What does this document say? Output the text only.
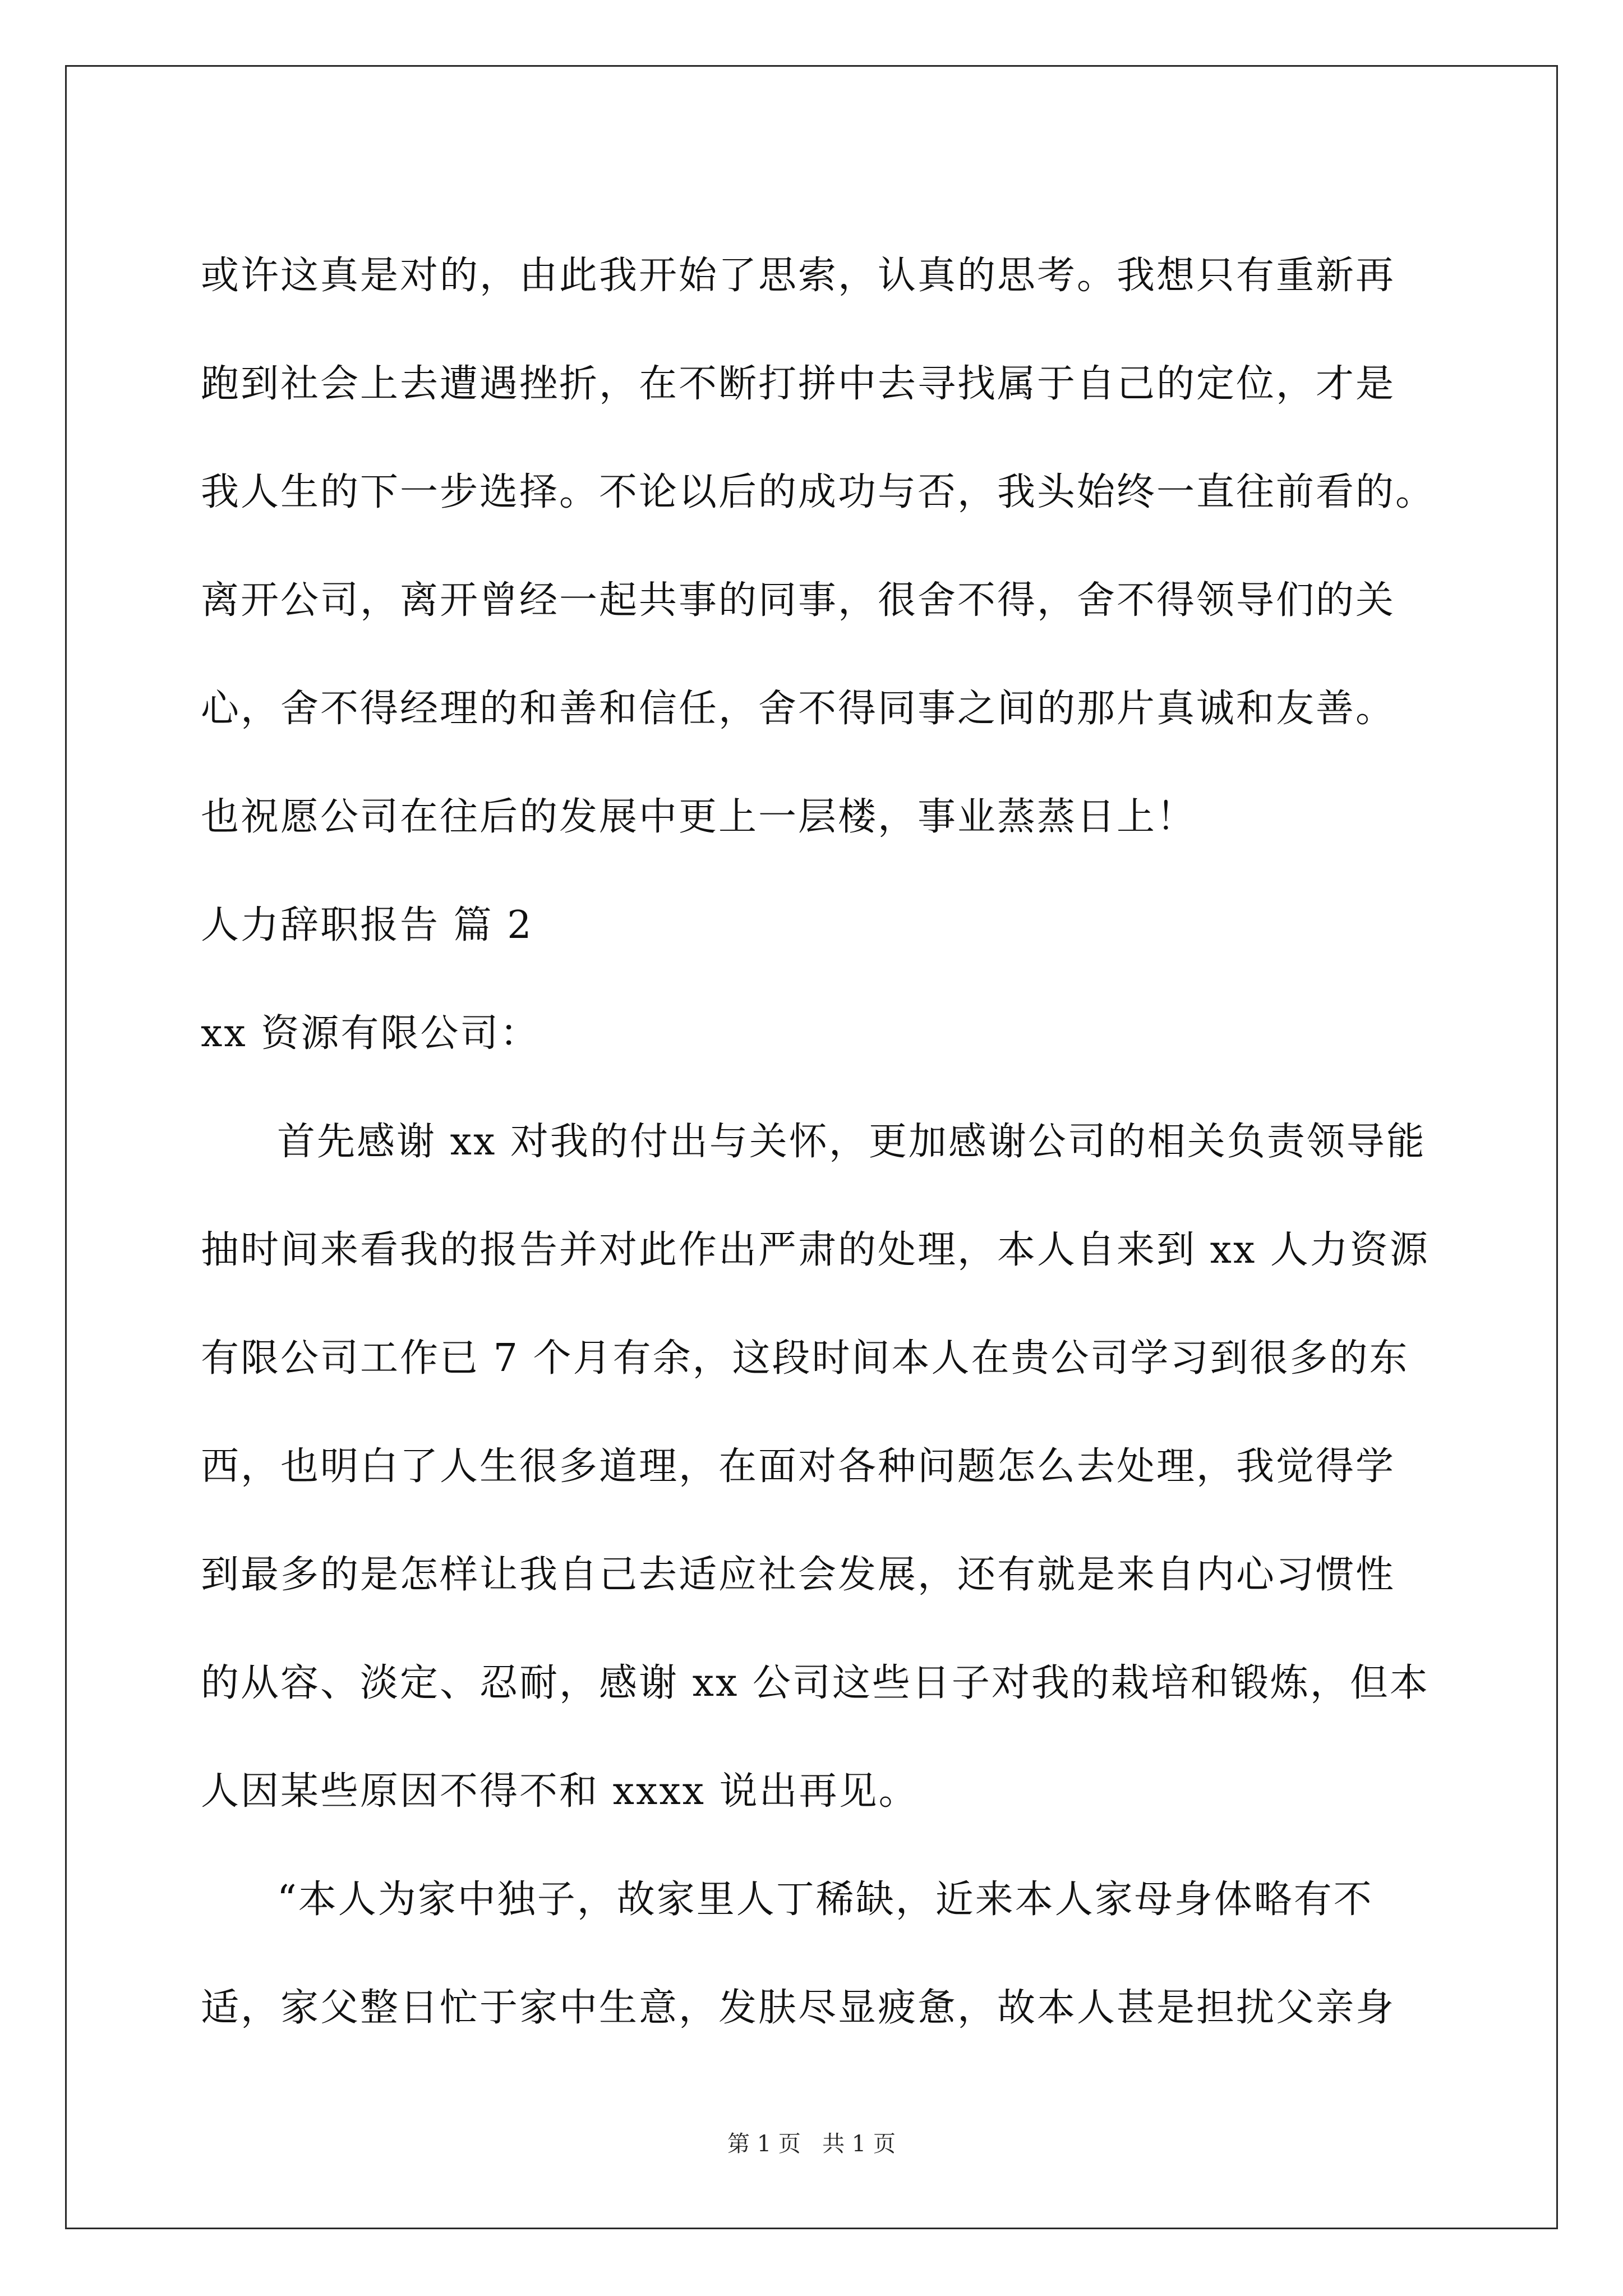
或许这真是对的，由此我开始了思索，认真的思考。我想只有重新再
跑到社会上去遭遇挫折，在不断打拼中去寻找属于自己的定位，才是
我人生的下一步选择。不论以后的成功与否，我头始终一直往前看的。
离开公司，离开曾经一起共事的同事，很舍不得，舍不得领导们的关
心，舍不得经理的和善和信任，舍不得同事之间的那片真诚和友善。
也祝愿公司在往后的发展中更上一层楼，事业蒸蒸日上！
人力辞职报告 篇 2
xx 资源有限公司：
首先感谢 xx 对我的付出与关怀，更加感谢公司的相关负责领导能
抽时间来看我的报告并对此作出严肃的处理，本人自来到 xx 人力资源
有限公司工作已 7 个月有余，这段时间本人在贵公司学习到很多的东
西，也明白了人生很多道理，在面对各种问题怎么去处理，我觉得学
到最多的是怎样让我自己去适应社会发展，还有就是来自内心习惯性
的从容、淡定、忍耐，感谢 xx 公司这些日子对我的栽培和锻炼，但本
人因某些原因不得不和 xxxx 说出再见。
“本人为家中独子，故家里人丁稀缺，近来本人家母身体略有不
适，家父整日忙于家中生意，发肤尽显疲惫，故本人甚是担扰父亲身
第 1 页   共 1 页
